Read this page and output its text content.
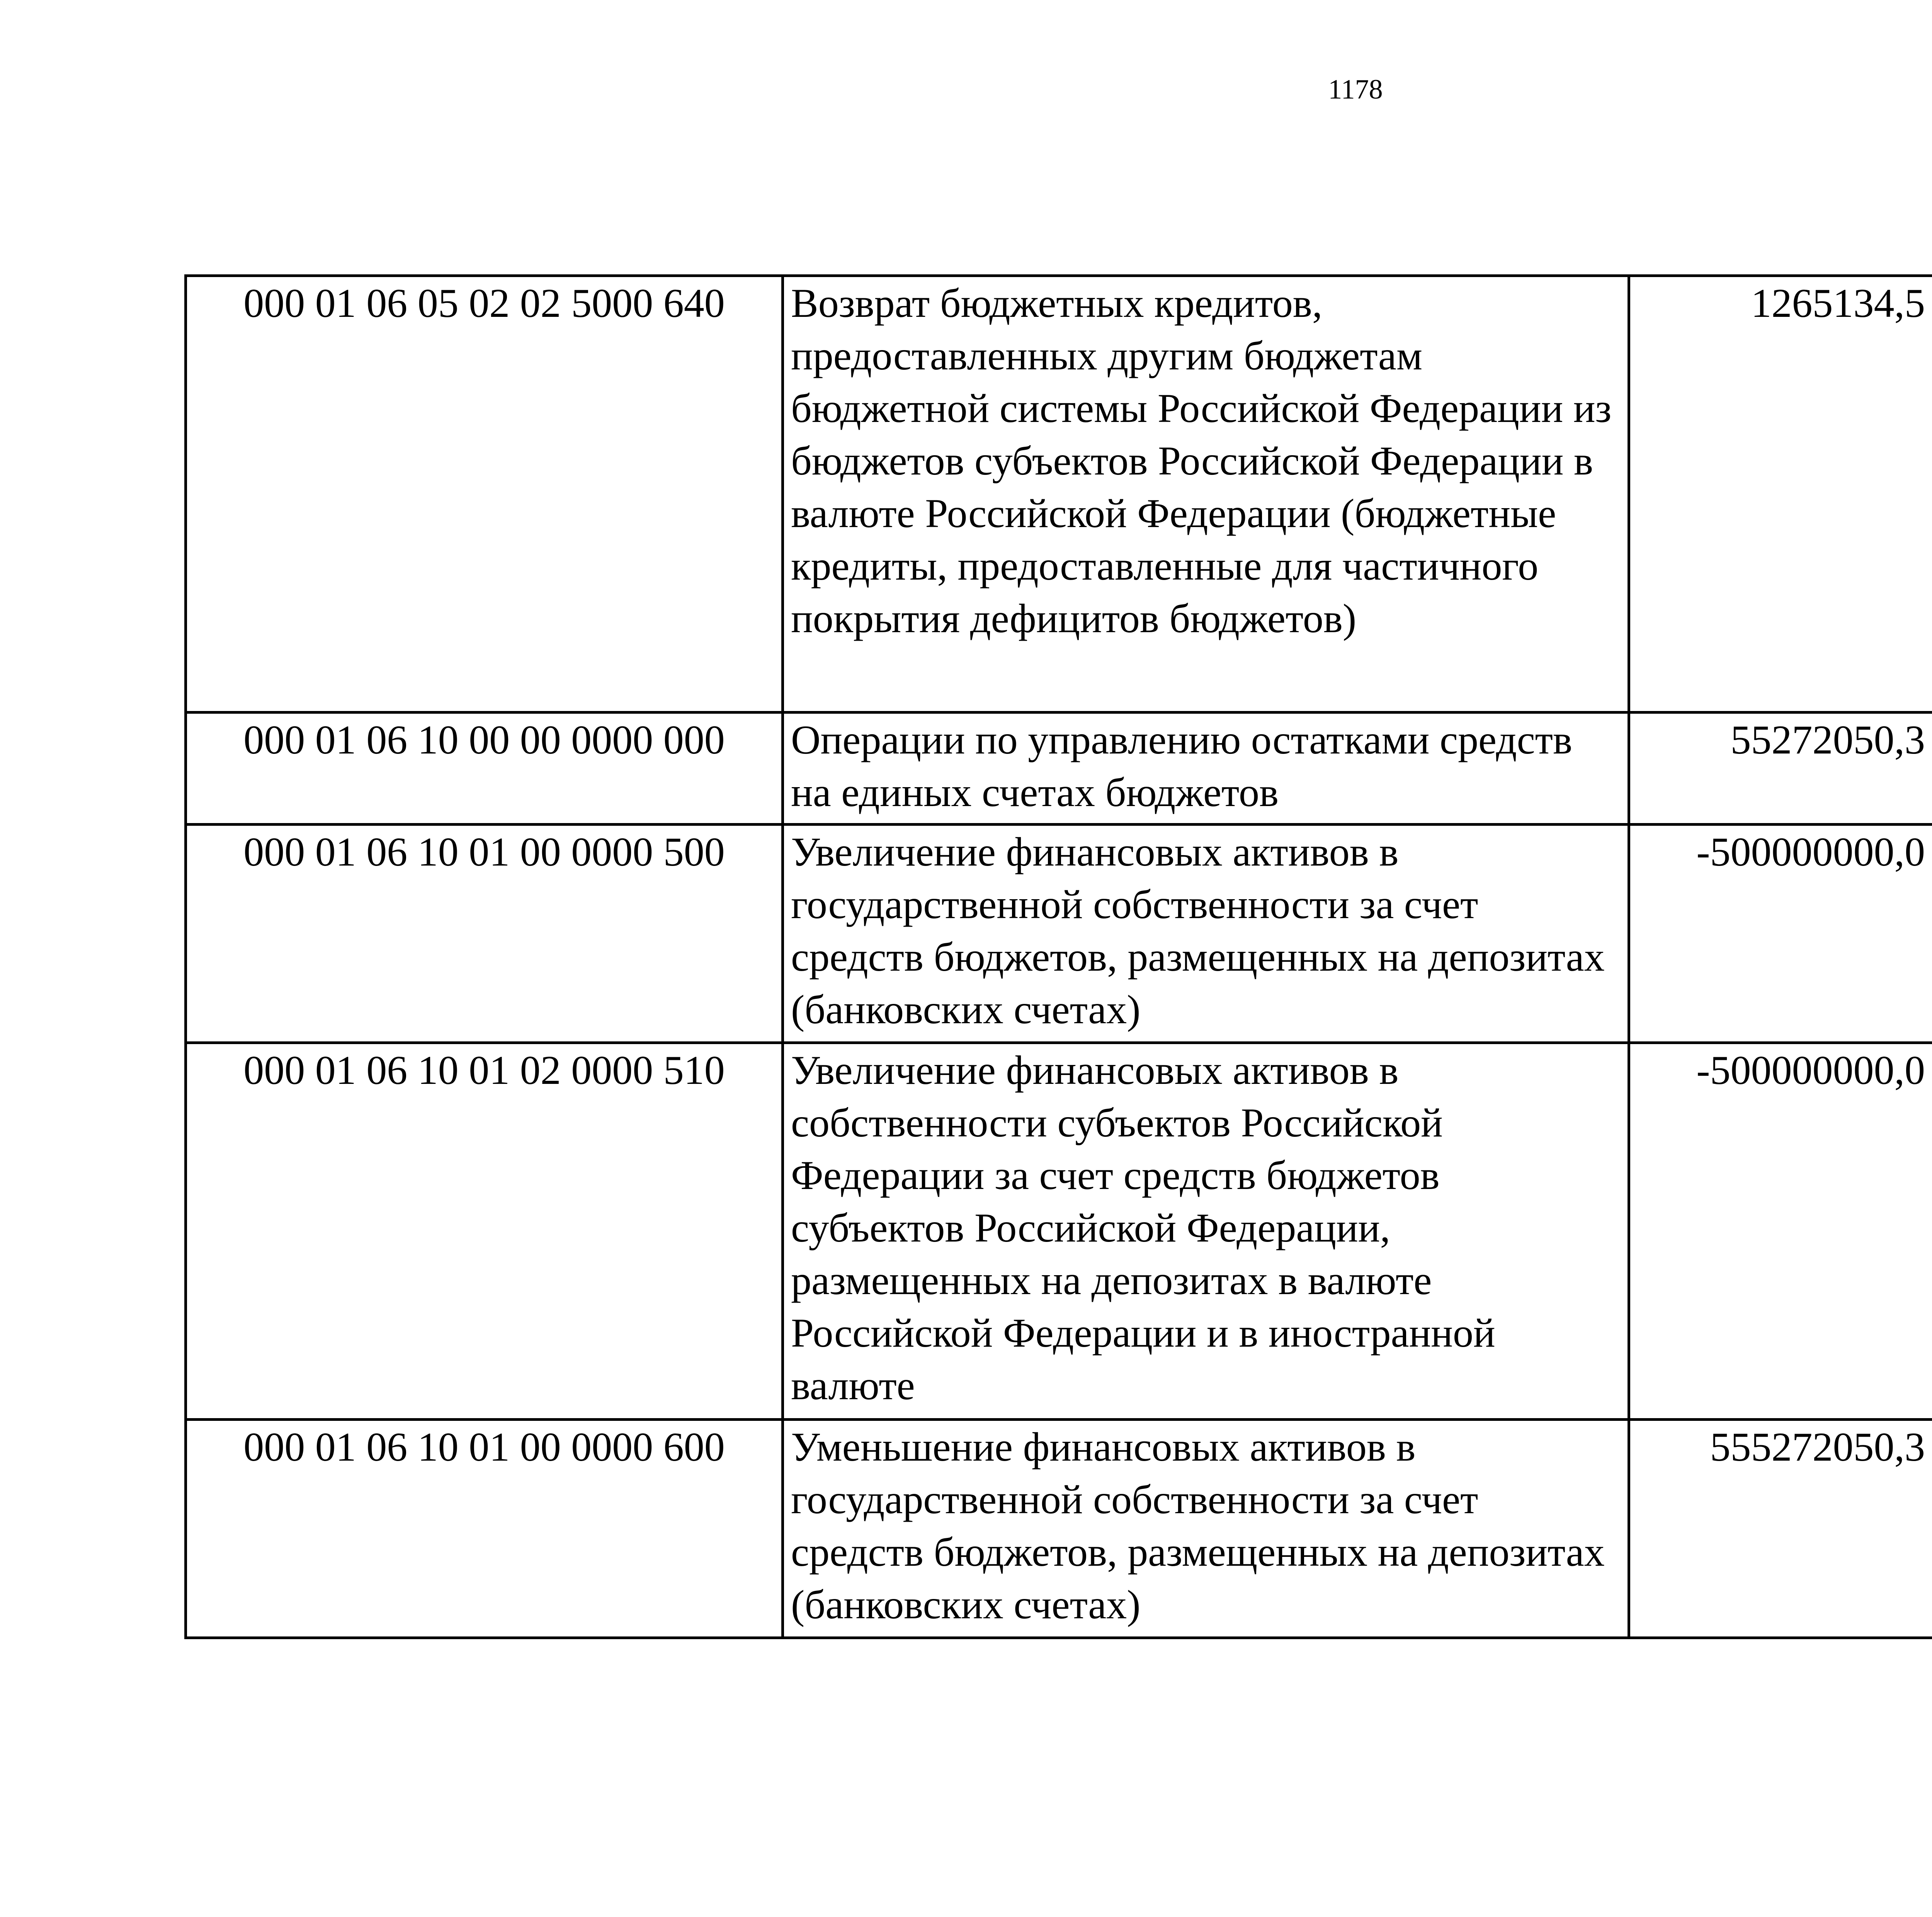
1178
000 01 06 05 02 02 5000 640	Возврат бюджетных кредитов, предоставленных другим бюджетам бюджетной системы Российской Федерации из бюджетов субъектов Российской Федерации в валюте Российской Федерации (бюджетные кредиты, предоставленные для частичного покрытия дефицитов бюджетов)	1265134,5		
000 01 06 10 00 00 0000 000	Операции по управлению остатками средств на единых счетах бюджетов	55272050,3		
000 01 06 10 01 00 0000 500	Увеличение финансовых активов в государственной собственности за счет средств бюджетов, размещенных на депозитах (банковских счетах)	-500000000,0		
000 01 06 10 01 02 0000 510	Увеличение финансовых активов в собственности субъектов Российской Федерации за счет средств бюджетов субъектов Российской Федерации, размещенных на депозитах в валюте Российской Федерации и в иностранной валюте	-500000000,0		
000 01 06 10 01 00 0000 600	Уменьшение финансовых активов в государственной собственности за счет средств бюджетов, размещенных на депозитах (банковских счетах)	555272050,3		
